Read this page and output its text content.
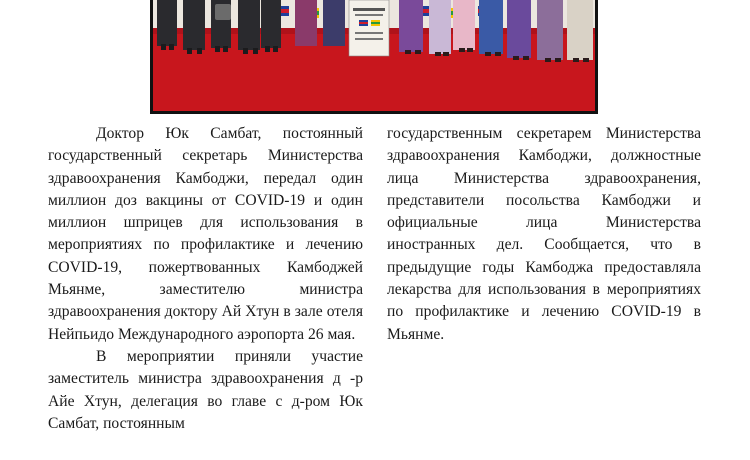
Доктор Юк Самбат, постоянный государственный секретарь Министерства здравоохранения Камбоджи, передал один миллион доз вакцины от COVID-19 и один миллион шприцев для использования в мероприятиях по профилактике и лечению COVID-19, пожертвованных Камбоджей Мьянме, заместителю министра здравоохранения доктору Ай Хтун в зале отеля Нейпьидо Международного аэропорта 26 мая.

В мероприятии приняли участие заместитель министра здравоохранения д -р Айе Хтун, делегация во главе с д-ром Юк Самбат, постоянным

государственным секретарем Министерства здравоохранения Камбоджи, должностные лица Министерства здравоохранения, представители посольства Камбоджи и официальные лица Министерства иностранных дел. Сообщается, что в предыдущие годы Камбоджа предоставляла лекарства для использования в мероприятиях по профилактике и лечению COVID-19 в Мьянме.
